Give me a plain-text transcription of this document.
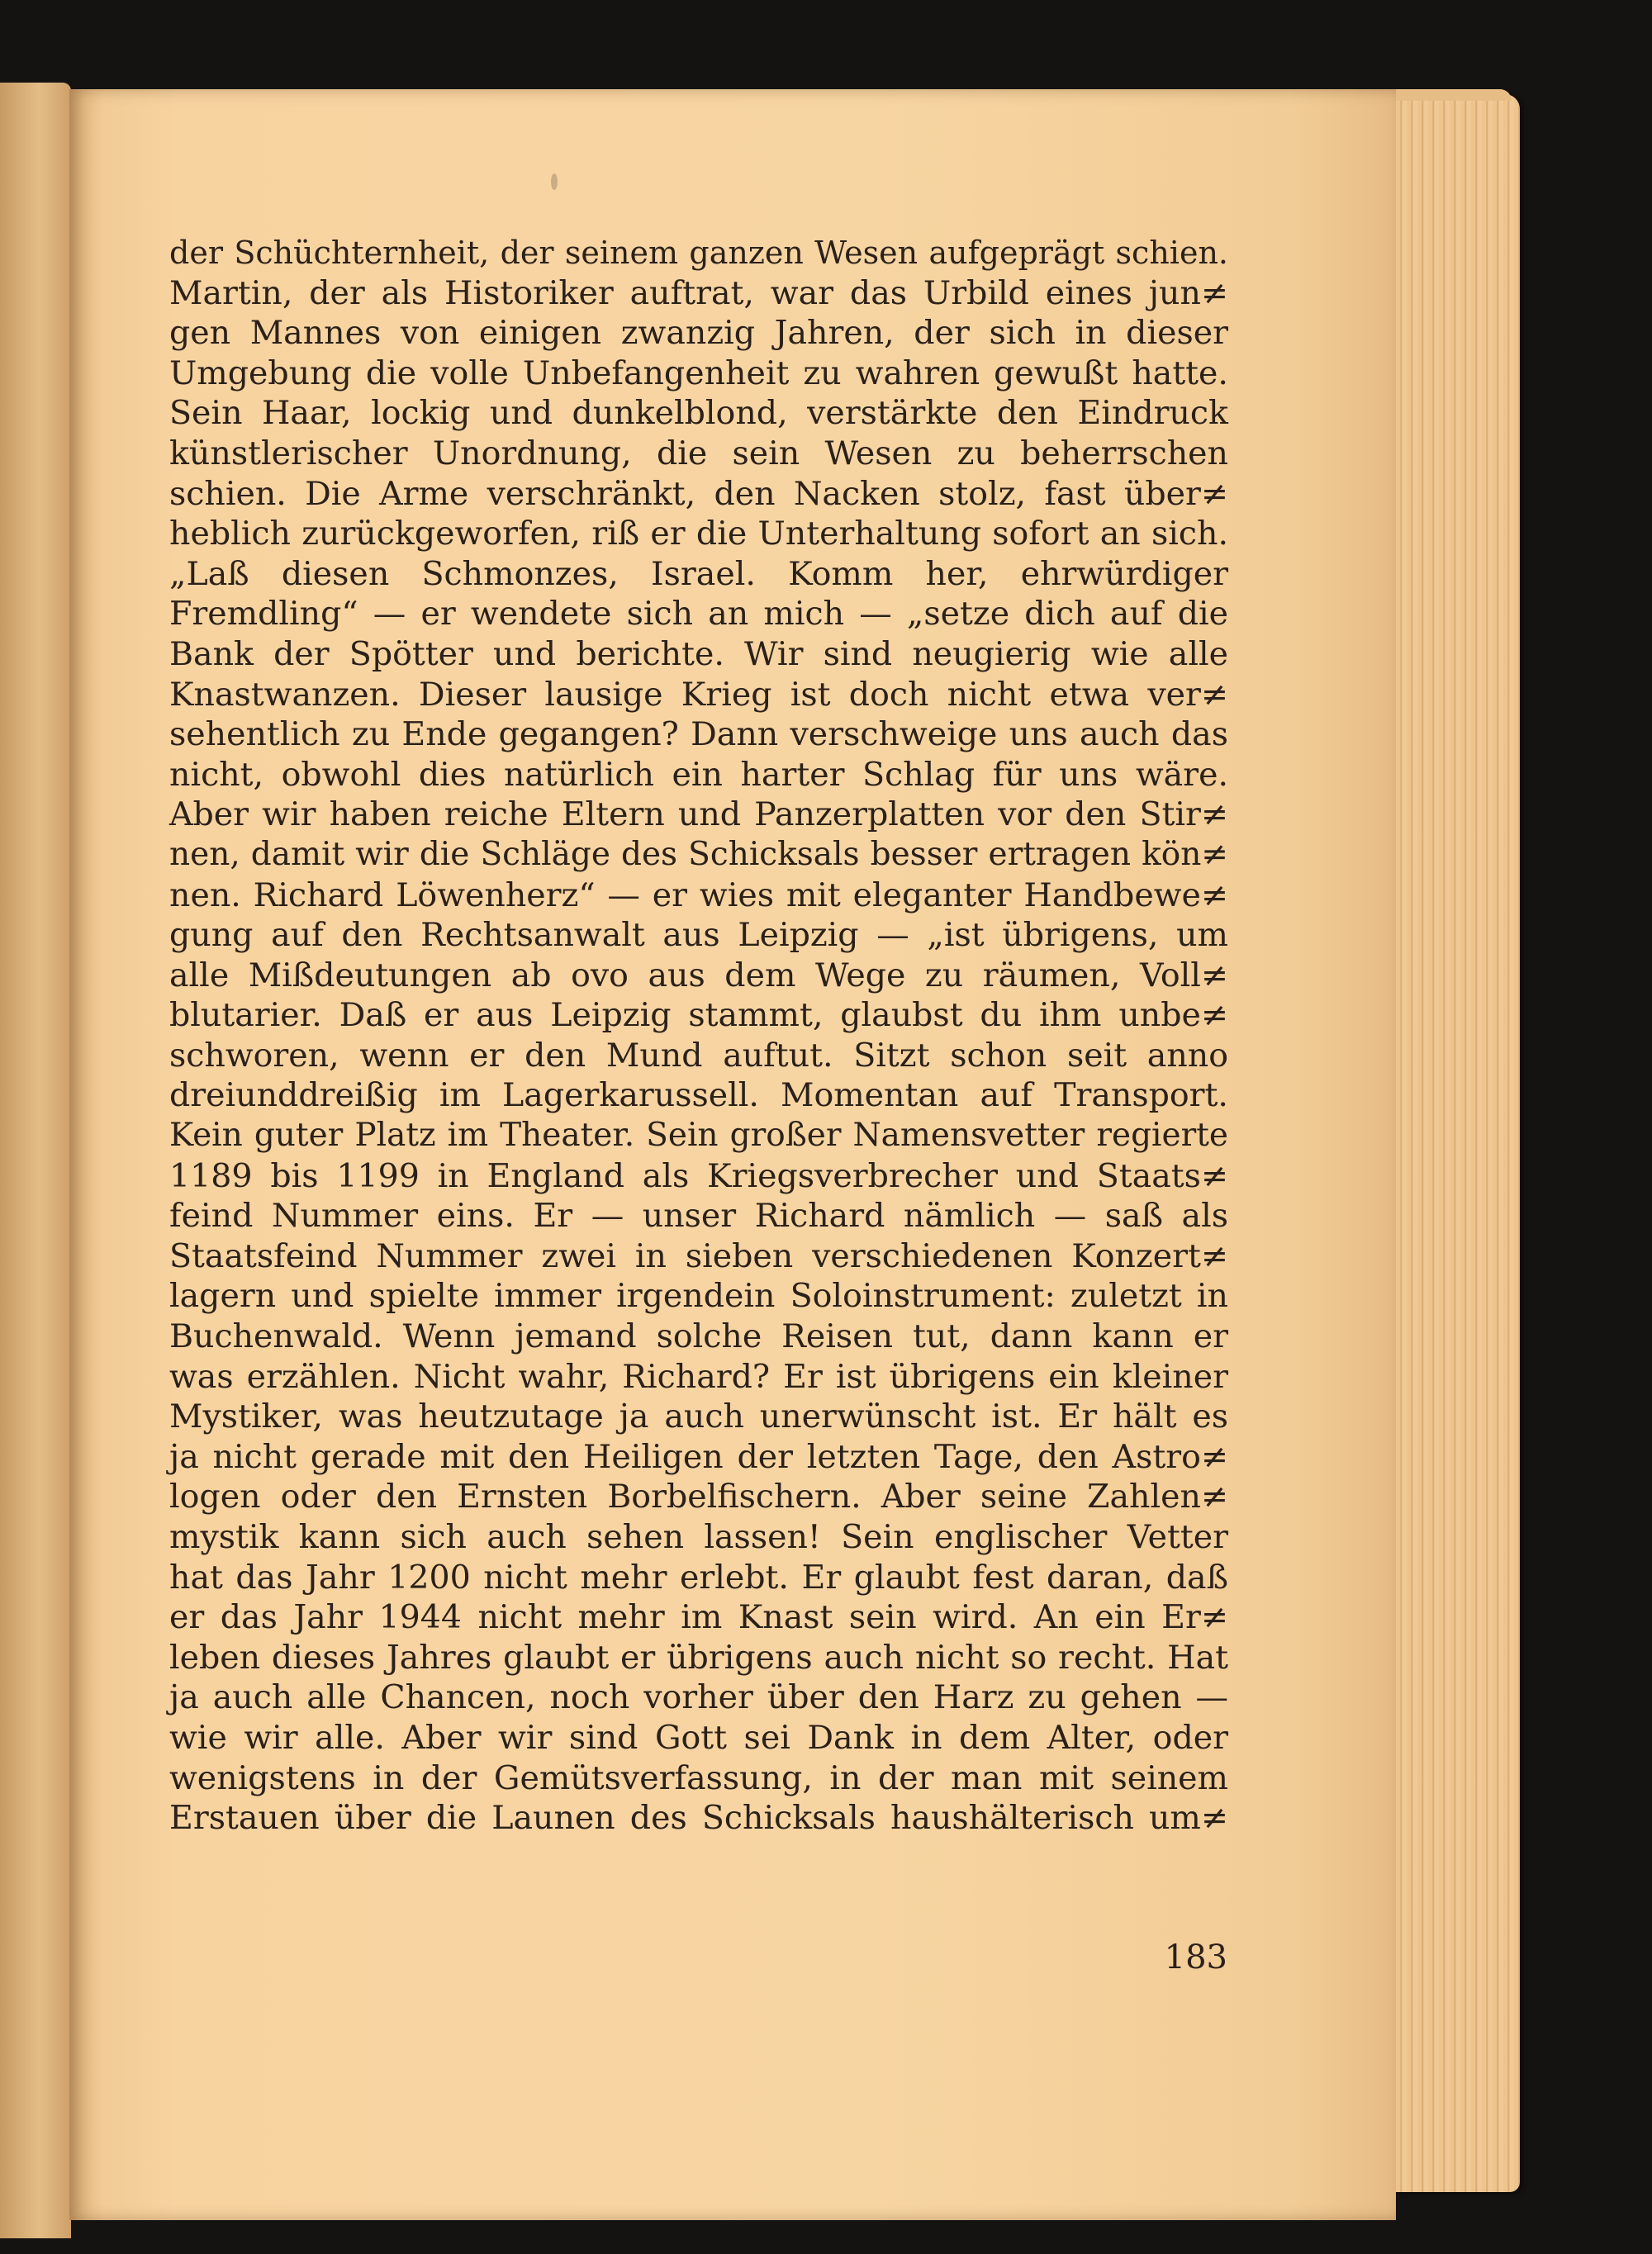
der Schüchternheit, der seinem ganzen Wesen aufgeprägt schien.
Martin, der als Historiker auftrat, war das Urbild eines jun≠
gen Mannes von einigen zwanzig Jahren, der sich in dieser
Umgebung die volle Unbefangenheit zu wahren gewußt hatte.
Sein Haar, lockig und dunkelblond, verstärkte den Eindruck
künstlerischer Unordnung, die sein Wesen zu beherrschen
schien. Die Arme verschränkt, den Nacken stolz, fast über≠
heblich zurückgeworfen, riß er die Unterhaltung sofort an sich.
„Laß diesen Schmonzes, Israel. Komm her, ehrwürdiger
Fremdling“ — er wendete sich an mich — „setze dich auf die
Bank der Spötter und berichte. Wir sind neugierig wie alle
Knastwanzen. Dieser lausige Krieg ist doch nicht etwa ver≠
sehentlich zu Ende gegangen? Dann verschweige uns auch das
nicht, obwohl dies natürlich ein harter Schlag für uns wäre.
Aber wir haben reiche Eltern und Panzerplatten vor den Stir≠
nen, damit wir die Schläge des Schicksals besser ertragen kön≠
nen. Richard Löwenherz“ — er wies mit eleganter Handbewe≠
gung auf den Rechtsanwalt aus Leipzig — „ist übrigens, um
alle Mißdeutungen ab ovo aus dem Wege zu räumen, Voll≠
blutarier. Daß er aus Leipzig stammt, glaubst du ihm unbe≠
schworen, wenn er den Mund auftut. Sitzt schon seit anno
dreiunddreißig im Lagerkarussell. Momentan auf Transport.
Kein guter Platz im Theater. Sein großer Namensvetter regierte
1189 bis 1199 in England als Kriegsverbrecher und Staats≠
feind Nummer eins. Er — unser Richard nämlich — saß als
Staatsfeind Nummer zwei in sieben verschiedenen Konzert≠
lagern und spielte immer irgendein Soloinstrument: zuletzt in
Buchenwald. Wenn jemand solche Reisen tut, dann kann er
was erzählen. Nicht wahr, Richard? Er ist übrigens ein kleiner
Mystiker, was heutzutage ja auch unerwünscht ist. Er hält es
ja nicht gerade mit den Heiligen der letzten Tage, den Astro≠
logen oder den Ernsten Borbelfischern. Aber seine Zahlen≠
mystik kann sich auch sehen lassen! Sein englischer Vetter
hat das Jahr 1200 nicht mehr erlebt. Er glaubt fest daran, daß
er das Jahr 1944 nicht mehr im Knast sein wird. An ein Er≠
leben dieses Jahres glaubt er übrigens auch nicht so recht. Hat
ja auch alle Chancen, noch vorher über den Harz zu gehen —
wie wir alle. Aber wir sind Gott sei Dank in dem Alter, oder
wenigstens in der Gemütsverfassung, in der man mit seinem
Erstauen über die Launen des Schicksals haushälterisch um≠
183
